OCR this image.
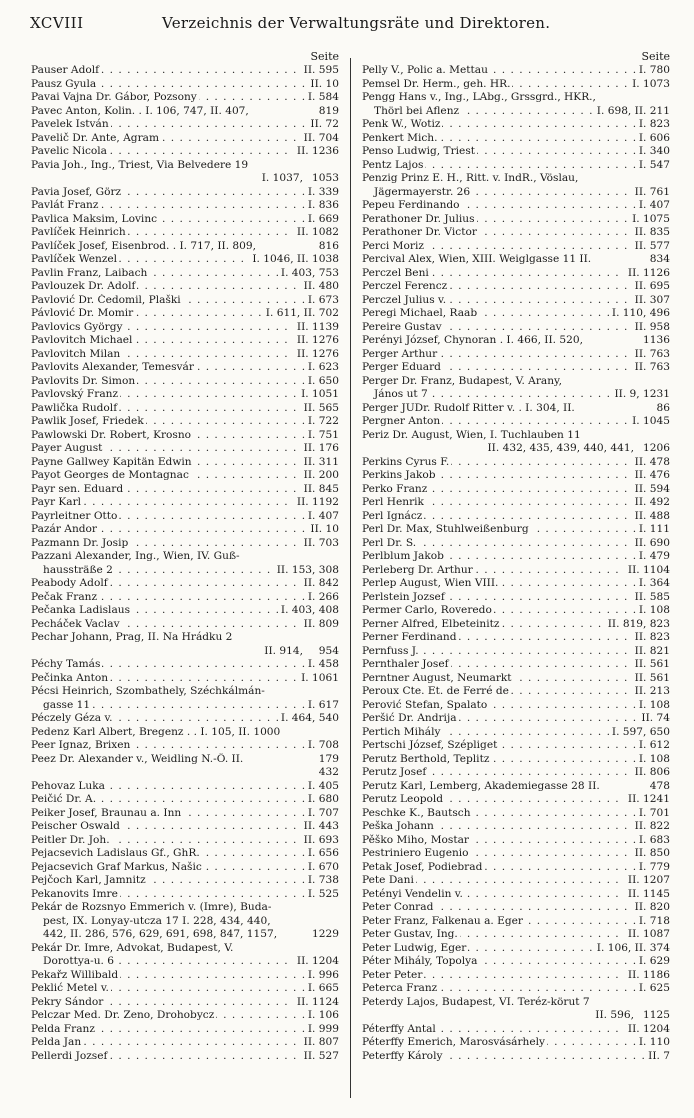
XCVIII	Verzeichnis der Verwaltungsräte und Direktoren.
Seite
. . . Pauser Adolf	II. 595
. . . Pausz Gyula	II. 10
. . . Pavai Vajna Dr. Gábor, Pozsony	I. 584
Pavec Anton, Kolin. . I. 106, 747, II. 407,	819
. . . Pavelek István	II. 72
. . . Pavelič Dr. Ante, Agram	II. 704
. . . Pavelic Nicola	II. 1236
Pavia Joh., Ing., Triest, Via Belvedere 19
I. 1037, 1053
. . . Pavia Josef, Görz	I. 339
. . . Pavlát Franz	I. 836
. . . Pavlica Maksim, Lovinc	I. 669
. . . Pavlíček Heinrich	II. 1082
Pavlíček Josef, Eisenbrod. . I. 717, II. 809,	816
. . . Pavlíček Wenzel	I. 1046, II. 1038
. . . Pavlin Franz, Laibach	I. 403, 753
. . . Pavlouzek Dr. Adolf	II. 480
. . . Pavlović Dr. Čedomil, Plaški	I. 673
. . . Pávlović Dr. Momir	I. 611, II. 702
. . . Pavlovics György	II. 1139
. . . Pavlovitch Michael	II. 1276
. . . Pavlovitch Milan	II. 1276
. . . Pavlovits Alexander, Temesvár	I. 623
. . . Pavlovits Dr. Simon	I. 650
. . . Pavlovský Franz	I. 1051
. . . Pawlička Rudolf	II. 565
. . . Pawlik Josef, Friedek	I. 722
. . . Pawlowski Dr. Robert, Krosno	I. 751
. . . Payer August	II. 176
. . . Payne Gallwey Kapitän Edwin	II. 311
. . . Payot Georges de Montagnac	II. 200
. . . Payr sen. Eduard	II. 845
. . . Payr Karl	II. 1192
. . . Payrleitner Otto	I. 407
. . . Pazár Andor	II. 10
. . . Pazmann Dr. Josip	II. 703
Pazzani Alexander, Ing., Wien, IV. Guß-
. . . haussträße 2	II. 153, 308
. . . Peabody Adolf	II. 842
. . . Pečak Franz	I. 266
. . . Pečanka Ladislaus	I. 403, 408
. . . Pecháček Vaclav	II. 809
Pechar Johann, Prag, II. Na Hrádku 2
II. 914, 954
. . . Péchy Tamás	I. 458
. . . Pečinka Anton	I. 1061
Pécsi Heinrich, Szombathely, Széchkálmán-
. . . gasse 11	I. 617
. . . Péczely Géza v.	I. 464, 540
Pedenz Karl Albert, Bregenz . . I. 105, II. 1000
. . . Peer Ignaz, Brixen	I. 708
Peez Dr. Alexander v., Weidling N.-Ö. II.	179
432
. . . Pehovaz Luka	I. 405
. . . Peičić Dr. A.	I. 680
. . . Peiker Josef, Braunau a. Inn	I. 707
. . . Peischer Oswald	II. 443
. . . Peitler Dr. Joh.	II. 693
. . . Pejacsevich Ladislaus Gf., GhR.	I. 656
. . . Pejacsevich Graf Markus, Našic	I. 670
. . . Pejčoch Karl, Jamnitz	I. 738
. . . Pekanovits Imre	I. 525
Pekár de Rozsnyo Emmerich v. (Imre), Buda-
pest, IX. Lonyay-utcza 17 I. 228, 434, 440,
442, II. 286, 576, 629, 691, 698, 847, 1157,	1229
Pekár Dr. Imre, Advokat, Budapest, V.
. . . Dorottya-u. 6	II. 1204
. . . Pekařz Willibald	I. 996
. . . Peklić Metel v.	I. 665
. . . Pekry Sándor	II. 1124
. . . Pelczar Med. Dr. Zeno, Drohobycz	I. 106
. . . Pelda Franz	I. 999
. . . Pelda Jan	II. 807
. . . Pellerdi Jozsef	II. 527
Seite
. . . Pelly V., Polic a. Mettau	I. 780
. . . Pemsel Dr. Herm., geh. HR.	I. 1073
Pengg Hans v., Ing., LAbg., Grssgrd., HKR.,
. . . Thörl bei Aflenz	I. 698, II. 211
. . . Penk W., Wotiz	I. 823
. . . Penkert Mich.	I. 606
. . . Penso Ludwig, Triest	I. 340
. . . Pentz Lajos	I. 547
Penzig Prinz E. H., Ritt. v. IndR., Vöslau,
. . . Jägermayerstr. 26	II. 761
. . . Pepeu Ferdinando	I. 407
. . . Perathoner Dr. Julius	I. 1075
. . . Perathoner Dr. Victor	II. 835
. . . Perci Moriz	II. 577
Percival Alex, Wien, XIII. Weiglgasse 11 II.	834
. . . Perczel Beni	II. 1126
. . . Perczel Ferencz	II. 695
. . . Perczel Julius v.	II. 307
. . . Peregi Michael, Raab	I. 110, 496
. . . Pereire Gustav	II. 958
Perényi József, Chynoran . I. 466, II. 520,	1136
. . . Perger Arthur	II. 763
. . . Perger Eduard	II. 763
Perger Dr. Franz, Budapest, V. Arany,
. . . János ut 7	II. 9, 1231
Perger JUDr. Rudolf Ritter v. . I. 304, II.	86
. . . Pergner Anton	I. 1045
Periz Dr. August, Wien, I. Tuchlauben 11
II. 432, 435, 439, 440, 441, 1206
. . . Perkins Cyrus F.	II. 478
. . . Perkins Jakob	II. 476
. . . Perko Franz	II. 594
. . . Perl Henrik	II. 492
. . . Perl Ignácz	II. 488
. . . Perl Dr. Max, Stuhlweißenburg	I. 111
. . . Perl Dr. S.	II. 690
. . . Perlblum Jakob	I. 479
. . . Perleberg Dr. Arthur	II. 1104
. . . Perlep August, Wien VIII.	I. 364
. . . Perlstein Jozsef	II. 585
. . . Permer Carlo, Roveredo	I. 108
. . . Perner Alfred, Elbeteinitz	II. 819, 823
. . . Perner Ferdinand	II. 823
. . . Pernfuss J.	II. 821
. . . Pernthaler Josef	II. 561
. . . Perntner August, Neumarkt	II. 561
. . . Peroux Cte. Et. de Ferré de	II. 213
. . . Perović Stefan, Spalato	I. 108
. . . Peršić Dr. Andrija	II. 74
. . . Pertich Mihály	I. 597, 650
. . . Pertschi József, Szépliget	I. 612
. . . Perutz Berthold, Teplitz	I. 108
. . . Perutz Josef	II. 806
Perutz Karl, Lemberg, Akademiegasse 28 II.	478
. . . Perutz Leopold	II. 1241
. . . Peschke K., Bautsch	I. 701
. . . Peška Johann	II. 822
. . . Pěško Miho, Mostar	I. 683
. . . Pestriniero Eugenio	II. 850
. . . Petak Josef, Podiebrad	I. 779
. . . Pete Dani	II. 1207
. . . Petényi Vendelin v.	II. 1145
. . . Peter Conrad	II. 820
. . . Peter Franz, Falkenau a. Eger	I. 718
. . . Peter Gustav, Ing.	II. 1087
. . . Peter Ludwig, Eger	I. 106, II. 374
. . . Péter Mihály, Topolya	I. 629
. . . Peter Peter	II. 1186
. . . Peterca Franz	I. 625
Peterdy Lajos, Budapest, VI. Teréz-körut 7
II. 596, 1125
. . . Péterffy Antal	II. 1204
. . . Péterffy Emerich, Marosvásárhely	I. 110
. . . Peterffy Károly	II. 7
